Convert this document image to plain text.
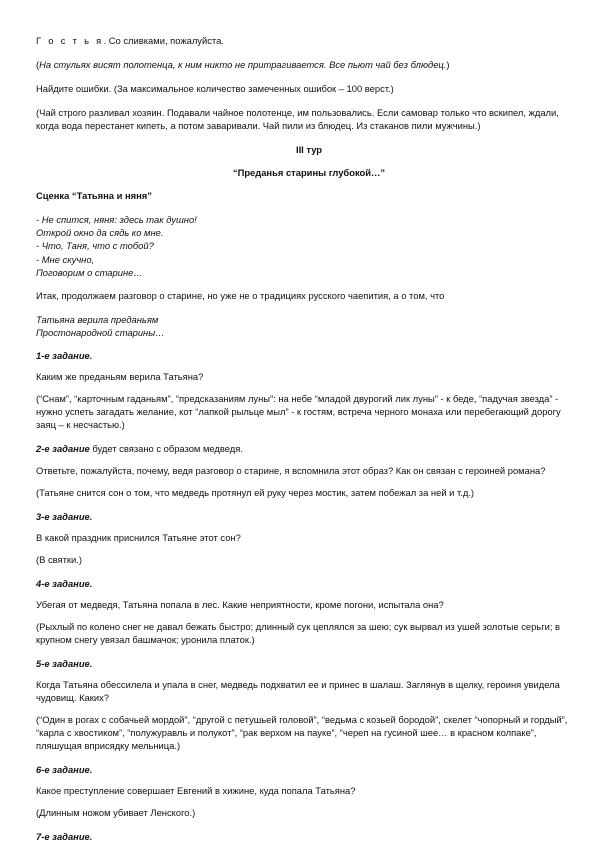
Г о с т ь я. Со сливками, пожалуйста.

(На стульях висят полотенца, к ним никто не притрагивается. Все пьют чай без блюдец.)

Найдите ошибки. (За максимальное количество замеченных ошибок – 100 верст.)

(Чай строго разливал хозяин. Подавали чайное полотенце, им пользовались. Если самовар только что вскипел, ждали, когда вода перестанет кипеть, а потом заваривали. Чай пили из блюдец. Из стаканов пили мужчины.)

III тур
“Преданья старины глубокой…”

Сценка “Татьяна и няня”

- Не спится, няня: здесь так душно!
Открой окно да сядь ко мне.
- Что, Таня, что с тобой?
- Мне скучно,
Поговорим о старине…

Итак, продолжаем разговор о старине, но уже не о традициях русского чаепития, а о том, что

Татьяна верила преданьям
Простонародной старины…
1-е задание.

Каким же преданьям верила Татьяна?

(“Снам”, “карточным гаданьям”, “предсказаниям луны”: на небе “младой двурогий лик луны” - к беде, “падучая звезда” - нужно успеть загадать желание, кот “лапкой рыльце мыл” - к гостям, встреча черного монаха или перебегающий дорогу заяц – к несчастью.)

2-е задание будет связано с образом медведя.

Ответьте, пожалуйста, почему, ведя разговор о старине, я вспомнила этот образ? Как он связан с героиней романа?

(Татьяне снится сон о том, что медведь протянул ей руку через мостик, затем побежал за ней и т.д.)

3-е задание.

В какой праздник приснился Татьяне этот сон?

(В святки.)

4-е задание.

Убегая от медведя, Татьяна попала в лес. Какие неприятности, кроме погони, испытала она?

(Рыхлый по колено снег не давал бежать быстро; длинный сук цеплялся за шею; сук вырвал из ушей золотые серьги; в крупном снегу увязал башмачок; уронила платок.)

5-е задание.

Когда Татьяна обессилела и упала в снег, медведь подхватил ее и принес в шалаш. Заглянув в щелку, героиня увидела чудовищ. Каких?

(“Один в рогах с собачьей мордой”, “другой с петушьей головой”, “ведьма с козьей бородой”, скелет “чопорный и гордый”, “карла с хвостиком”, “полужуравль и полукот”, “рак верхом на пауке”, “череп на гусиной шее… в красном колпаке”, пляшущая вприсядку мельница.)

6-е задание.

Какое преступление совершает Евгений в хижине, куда попала Татьяна?

(Длинным ножом убивает Ленского.)

7-е задание.
